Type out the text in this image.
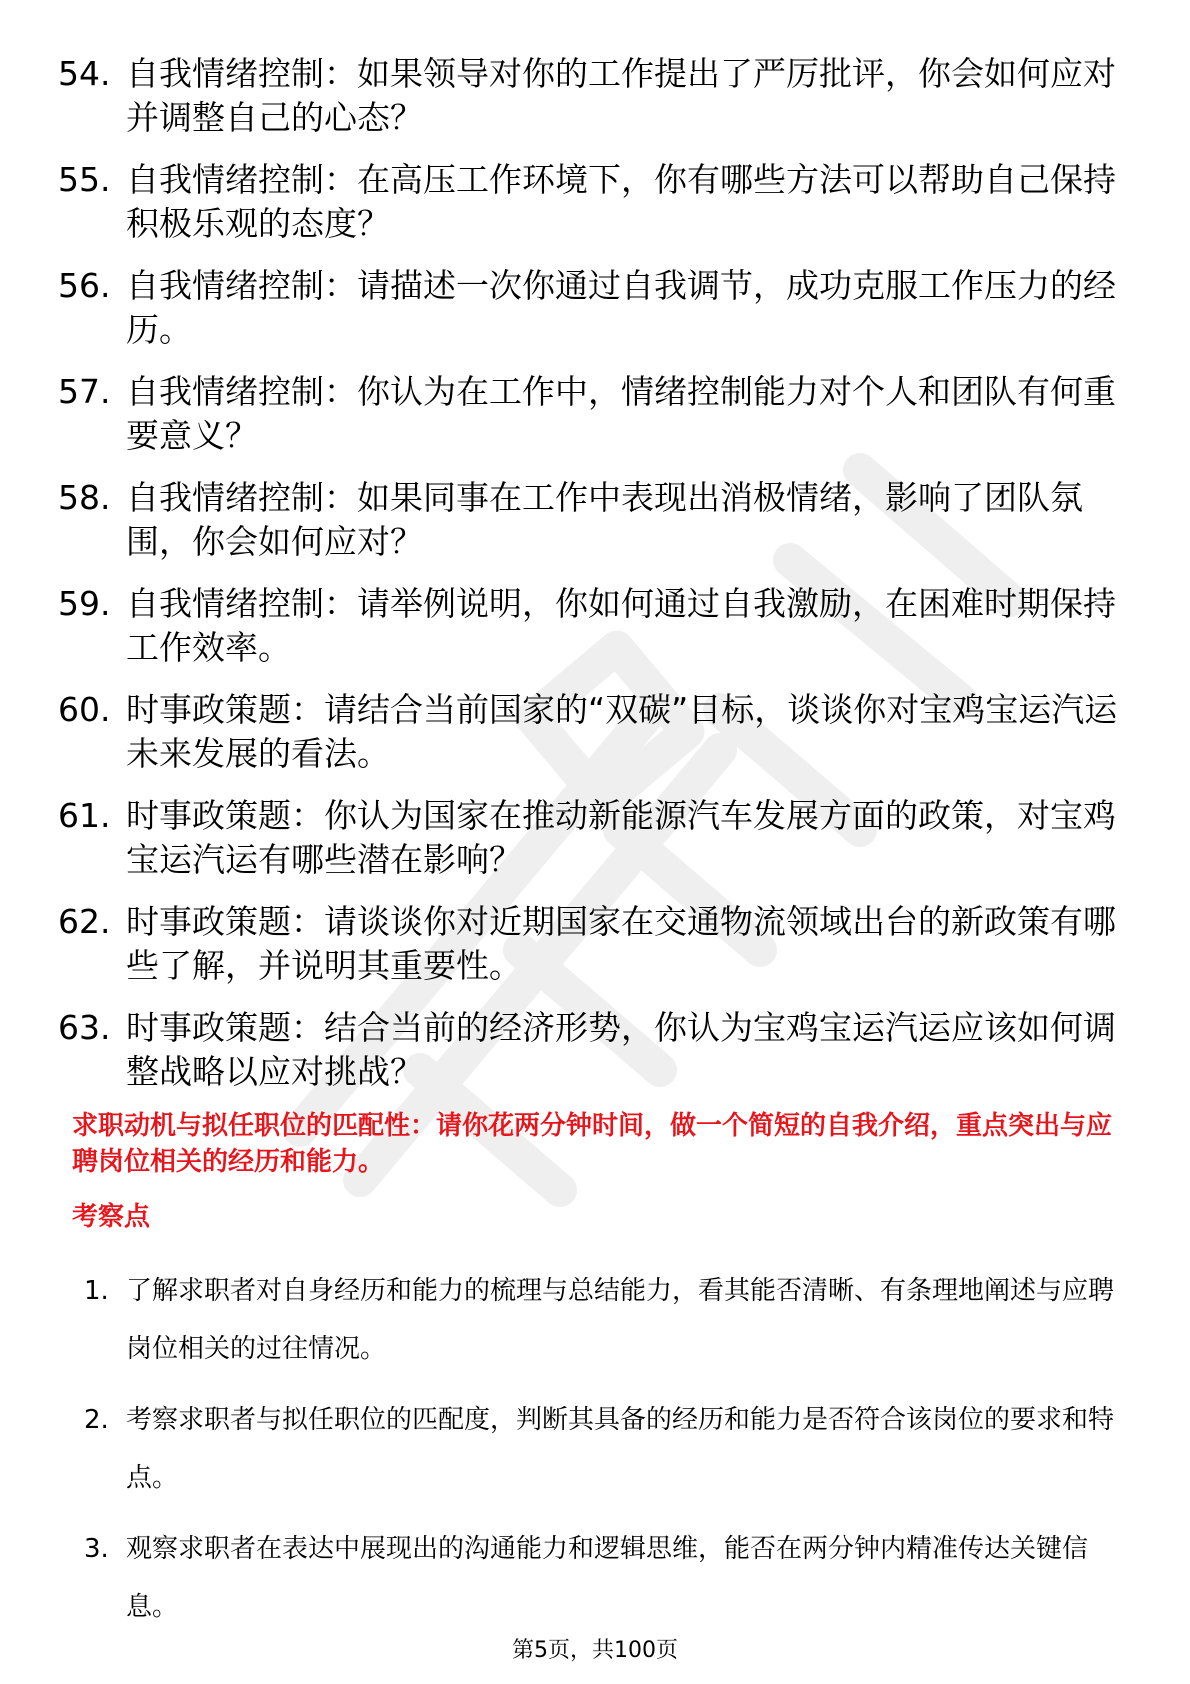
54. 自我情绪控制：如果领导对你的工作提出了严厉批评，你会如何应对并调整自己的心态？
55. 自我情绪控制：在高压工作环境下，你有哪些方法可以帮助自己保持积极乐观的态度？
56. 自我情绪控制：请描述一次你通过自我调节，成功克服工作压力的经历。
57. 自我情绪控制：你认为在工作中，情绪控制能力对个人和团队有何重要意义？
58. 自我情绪控制：如果同事在工作中表现出消极情绪，影响了团队氛围，你会如何应对？
59. 自我情绪控制：请举例说明，你如何通过自我激励，在困难时期保持工作效率。
60. 时事政策题：请结合当前国家的“双碳”目标，谈谈你对宝鸡宝运汽运未来发展的看法。
61. 时事政策题：你认为国家在推动新能源汽车发展方面的政策，对宝鸡宝运汽运有哪些潜在影响？
62. 时事政策题：请谈谈你对近期国家在交通物流领域出台的新政策有哪些了解，并说明其重要性。
63. 时事政策题：结合当前的经济形势，你认为宝鸡宝运汽运应该如何调整战略以应对挑战？
求职动机与拟任职位的匹配性：请你花两分钟时间，做一个简短的自我介绍，重点突出与应聘岗位相关的经历和能力。
考察点
1. 了解求职者对自身经历和能力的梳理与总结能力，看其能否清晰、有条理地阐述与应聘岗位相关的过往情况。
2. 考察求职者与拟任职位的匹配度，判断其具备的经历和能力是否符合该岗位的要求和特点。
3. 观察求职者在表达中展现出的沟通能力和逻辑思维，能否在两分钟内精准传达关键信息。
第5页，共100页
